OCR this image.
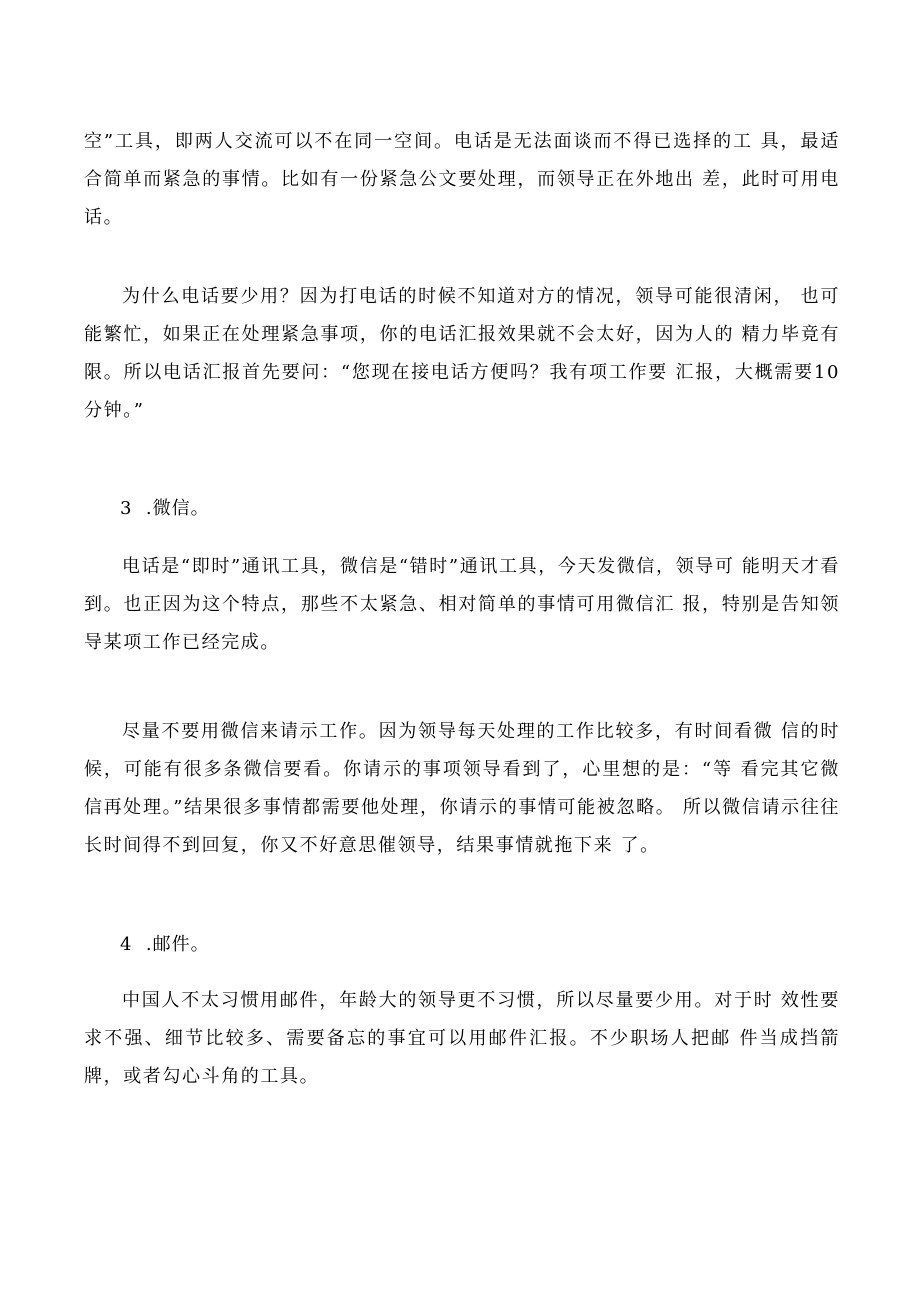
空”工具，即两人交流可以不在同一空间。电话是无法面谈而不得已选择的工 具，最适合简单而紧急的事情。比如有一份紧急公文要处理，而领导正在外地出 差，此时可用电话。

为什么电话要少用？因为打电话的时候不知道对方的情况，领导可能很清闲， 也可能繁忙，如果正在处理紧急事项，你的电话汇报效果就不会太好，因为人的 精力毕竟有限。所以电话汇报首先要问：“您现在接电话方便吗？我有项工作要 汇报，大概需要10分钟。”

3  .微信。

电话是“即时”通讯工具，微信是“错时”通讯工具，今天发微信，领导可 能明天才看到。也正因为这个特点，那些不太紧急、相对简单的事情可用微信汇 报，特别是告知领导某项工作已经完成。

尽量不要用微信来请示工作。因为领导每天处理的工作比较多，有时间看微 信的时候，可能有很多条微信要看。你请示的事项领导看到了，心里想的是：“等 看完其它微信再处理。”结果很多事情都需要他处理，你请示的事情可能被忽略。 所以微信请示往往长时间得不到回复，你又不好意思催领导，结果事情就拖下来 了。

4  .邮件。

中国人不太习惯用邮件，年龄大的领导更不习惯，所以尽量要少用。对于时 效性要求不强、细节比较多、需要备忘的事宜可以用邮件汇报。不少职场人把邮 件当成挡箭牌，或者勾心斗角的工具。
